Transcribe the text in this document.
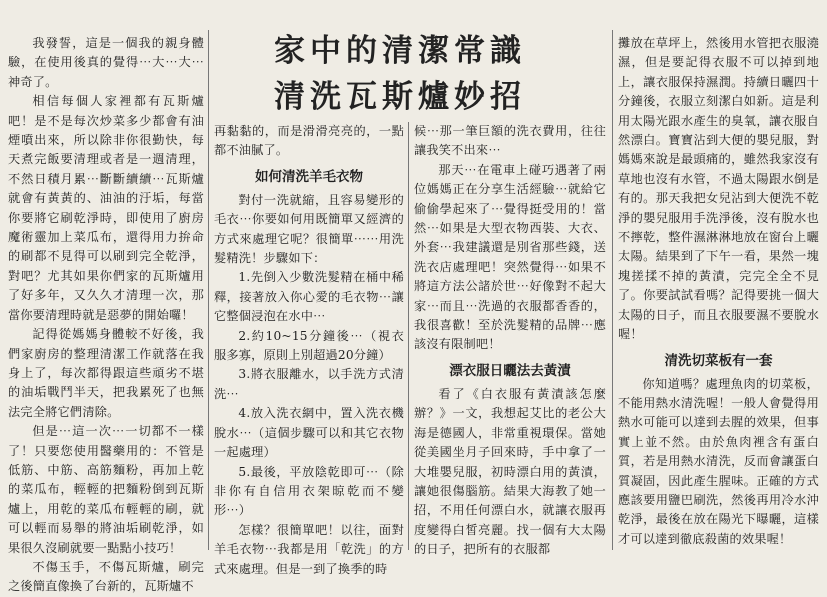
家中的清潔常識
清洗瓦斯爐妙招

我發誓，這是一個我的親身體驗，在使用後真的覺得⋯大⋯大⋯神奇了。

相信每個人家裡都有瓦斯爐吧！是不是每次炒菜多少都會有油煙噴出來，所以除非你很勤快，每天煮完飯要清理或者是一週清理，不然日積月累⋯斷斷續續⋯瓦斯爐就會有黃黃的、油油的汙垢，每當你要將它刷乾淨時，即使用了廚房魔術靈加上菜瓜布，還得用力拚命的刷都不見得可以刷到完全乾淨，對吧？尤其如果你們家的瓦斯爐用了好多年，又久久才清理一次，那當你要清理時就是惡夢的開始囉！

記得從媽媽身體較不好後，我們家廚房的整理清潔工作就落在我身上了，每次都得跟這些頑劣不堪的油垢戰鬥半天，把我累死了也無法完全將它們清除。

但是⋯這一次⋯一切都不一樣了！只要您使用醫藥用的：不管是低筋、中筋、高筋麵粉，再加上乾的菜瓜布，輕輕的把麵粉倒到瓦斯爐上，用乾的菜瓜布輕輕的刷，就可以輕而易舉的將油垢刷乾淨，如果很久沒刷就要一點點小技巧！

不傷玉手，不傷瓦斯爐，刷完之後簡直像換了台新的，瓦斯爐不

再黏黏的，而是滑滑亮亮的，一點都不油膩了。

如何清洗羊毛衣物

對付一洗就縮，且容易變形的毛衣⋯你要如何用既簡單又經濟的方式來處理它呢？很簡單⋯⋯用洗髮精洗！步驟如下：

1.先倒入少數洗髮精在桶中稀釋，接著放入你心愛的毛衣物⋯讓它整個浸泡在水中⋯

2.約10~15分鐘後⋯（視衣服多寡，原則上別超過20分鐘）

3.將衣服離水，以手洗方式清洗⋯

4.放入洗衣網中，置入洗衣機脫水⋯（這個步驟可以和其它衣物一起處理）

5.最後，平放陰乾即可⋯（除非你有自信用衣架晾乾而不變形⋯）

怎樣？很簡單吧！以往，面對羊毛衣物⋯我都是用「乾洗」的方式來處理。但是一到了換季的時

候⋯那一筆巨額的洗衣費用，往往讓我笑不出來⋯

那天⋯在電車上碰巧遇著了兩位媽媽正在分享生活經驗⋯就給它偷偷學起來了⋯覺得挺受用的！當然⋯如果是大型衣物西裝、大衣、外套⋯我建議還是別省那些錢，送洗衣店處理吧！突然覺得⋯如果不將這方法公諸於世⋯好像對不起大家⋯而且⋯洗過的衣服都香香的，我很喜歡！至於洗髮精的品牌⋯應該沒有限制吧！

漂衣服日曬法去黃漬

看了《白衣服有黃漬該怎麼辦？》一文，我想起艾比的老公大海是德國人，非常重視環保。當她從美國坐月子回來時，手中拿了一大堆嬰兒服，初時漂白用的黃漬，讓她很傷腦筋。結果大海教了她一招，不用任何漂白水，就讓衣服再度變得白皙亮麗。找一個有大太陽的日子，把所有的衣服都

攤放在草坪上，然後用水管把衣服澆濕，但是要記得衣服不可以掉到地上，讓衣服保持濕潤。持續日曬四十分鐘後，衣服立刻潔白如新。這是利用太陽光跟水產生的臭氧，讓衣服自然漂白。寶寶沾到大便的嬰兒服，對媽媽來說是最頭痛的，雖然我家沒有草地也沒有水管，不過太陽跟水倒是有的。那天我把女兒沾到大便洗不乾淨的嬰兒服用手洗淨後，沒有脫水也不擰乾，整件濕淋淋地放在窗台上曬太陽。結果到了下午一看，果然一塊塊搓揉不掉的黃漬，完完全全不見了。你要試試看嗎？記得要挑一個大太陽的日子，而且衣服要濕不要脫水喔！

清洗切菜板有一套

你知道嗎？處理魚肉的切菜板，不能用熱水清洗喔！一般人會覺得用熱水可能可以達到去腥的效果，但事實上並不然。由於魚肉裡含有蛋白質，若是用熱水清洗，反而會讓蛋白質凝固，因此產生腥味。正確的方式應該要用鹽巴刷洗，然後再用冷水沖乾淨，最後在放在陽光下曝曬，這樣才可以達到徹底殺菌的效果喔！
